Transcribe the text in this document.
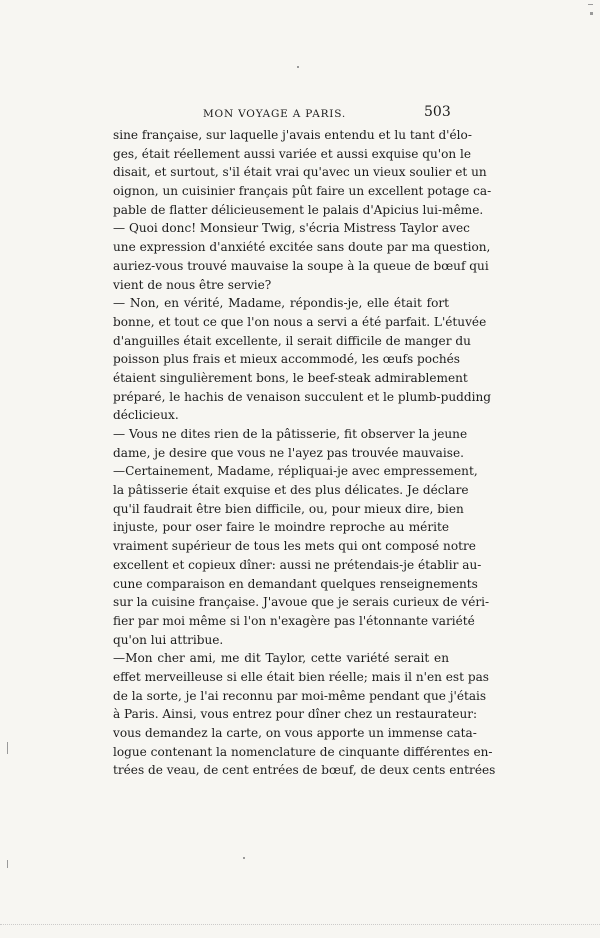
MON VOYAGE A PARIS.	503
sine française, sur laquelle j'avais entendu et lu tant d'élo-
ges, était réellement aussi variée et aussi exquise qu'on le
disait, et surtout, s'il était vrai qu'avec un vieux soulier et un
oignon, un cuisinier français pût faire un excellent potage ca-
pable de flatter délicieusement le palais d'Apicius lui-même.
— Quoi donc! Monsieur Twig, s'écria Mistress Taylor avec
une expression d'anxiété excitée sans doute par ma question,
auriez-vous trouvé mauvaise la soupe à la queue de bœuf qui
vient de nous être servie?
— Non, en vérité, Madame, répondis-je, elle était fort
bonne, et tout ce que l'on nous a servi a été parfait. L'étuvée
d'anguilles était excellente, il serait difficile de manger du
poisson plus frais et mieux accommodé, les œufs pochés
étaient singulièrement bons, le beef-steak admirablement
préparé, le hachis de venaison succulent et le plumb-pudding
déclicieux.
— Vous ne dites rien de la pâtisserie, fit observer la jeune
dame, je desire que vous ne l'ayez pas trouvée mauvaise.
—Certainement, Madame, répliquai-je avec empressement,
la pâtisserie était exquise et des plus délicates. Je déclare
qu'il faudrait être bien difficile, ou, pour mieux dire, bien
injuste, pour oser faire le moindre reproche au mérite
vraiment supérieur de tous les mets qui ont composé notre
excellent et copieux dîner: aussi ne prétendais-je établir au-
cune comparaison en demandant quelques renseignements
sur la cuisine française. J'avoue que je serais curieux de véri-
fier par moi même si l'on n'exagère pas l'étonnante variété
qu'on lui attribue.
—Mon cher ami, me dit Taylor, cette variété serait en
effet merveilleuse si elle était bien réelle; mais il n'en est pas
de la sorte, je l'ai reconnu par moi-même pendant que j'étais
à Paris. Ainsi, vous entrez pour dîner chez un restaurateur:
vous demandez la carte, on vous apporte un immense cata-
logue contenant la nomenclature de cinquante différentes en-
trées de veau, de cent entrées de bœuf, de deux cents entrées
